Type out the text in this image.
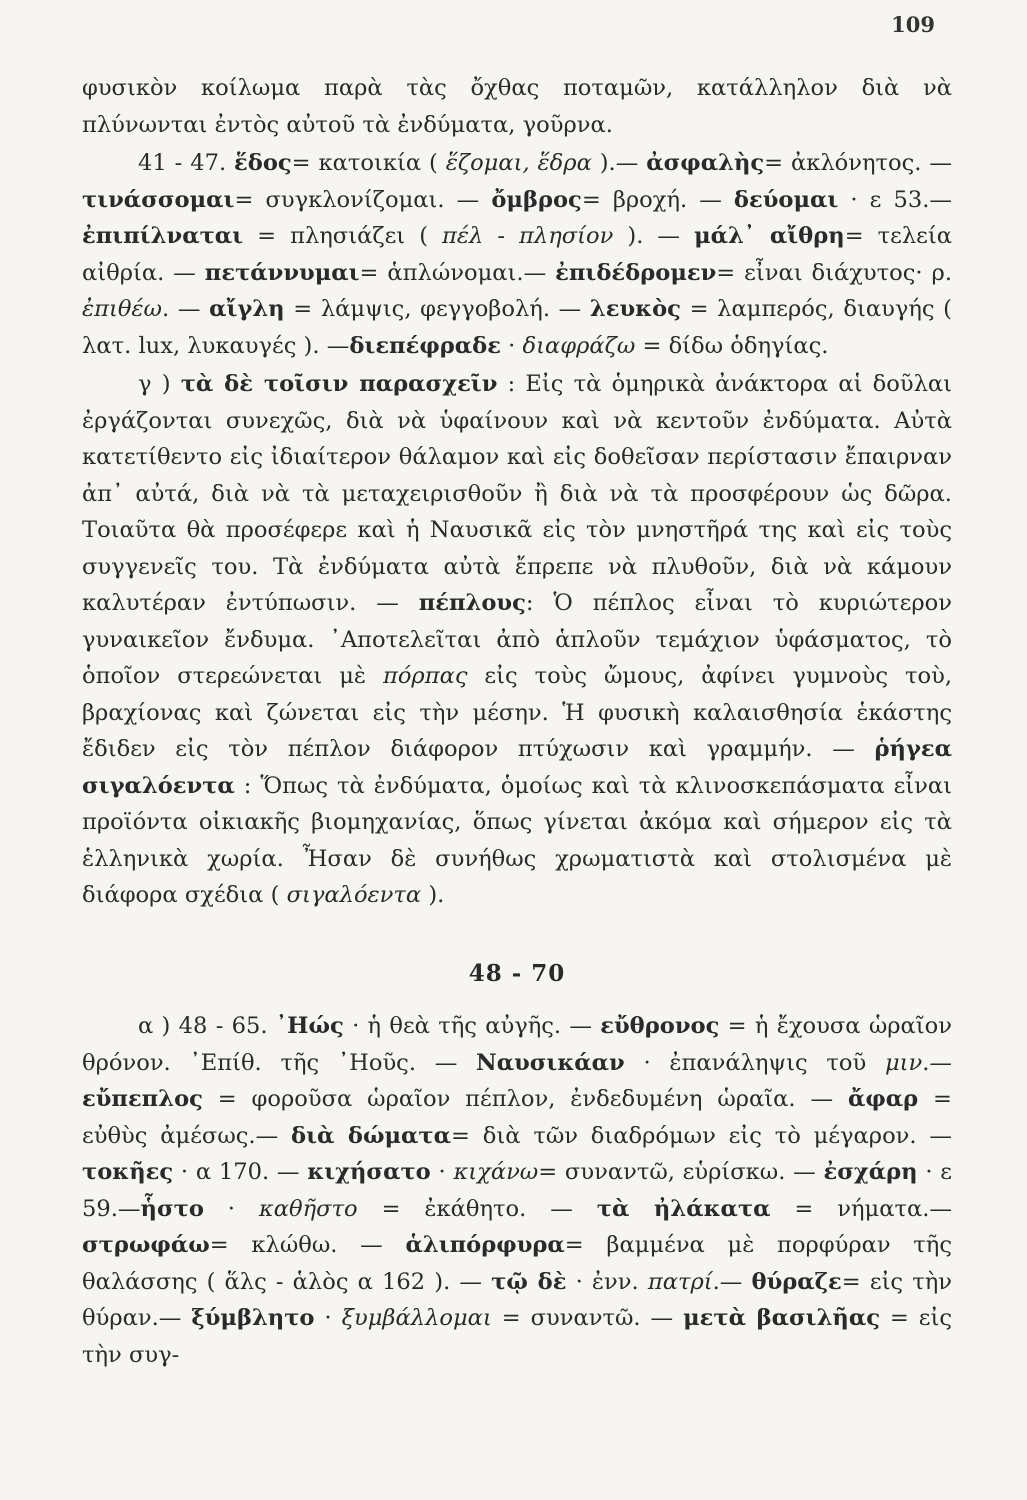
109

φυσικὸν κοίλωμα παρὰ τὰς ὄχθας ποταμῶν, κατάλληλον διὰ νὰ πλύνωνται ἐντὸς αὐτοῦ τὰ ἐνδύματα, γοῦρνα.

41 - 47. ἕδος= κατοικία ( ἕζομαι, ἕδρα ).— ἀσφαλὴς= ἀκλόνητος. — τινάσσομαι= συγκλονίζομαι. — ὄμβρος= βροχή. — δεύομαι · ε 53.— ἐπιπίλναται = πλησιάζει ( πέλ - πλησίον ). — μάλ᾿ αἴθρη= τελεία αἰθρία. — πετάννυμαι= ἁπλώνομαι.— ἐπιδέδρομεν= εἶναι διάχυτος· ρ. ἐπιθέω. — αἴγλη = λάμψις, φεγγοβολή. — λευκὸς = λαμπερός, διαυγής ( λατ. lux, λυκαυγές ). —διεπέφραδε · διαφράζω = δίδω ὁδηγίας.

γ ) τὰ δὲ τοῖσιν παρασχεῖν : Εἰς τὰ ὁμηρικὰ ἀνάκτορα αἱ δοῦλαι ἐργάζονται συνεχῶς, διὰ νὰ ὑφαίνουν καὶ νὰ κεντοῦν ἐνδύματα. Αὐτὰ κατετίθεντο εἰς ἰδιαίτερον θάλαμον καὶ εἰς δοθεῖσαν περίστασιν ἔπαιρναν ἀπ᾿ αὐτά, διὰ νὰ τὰ μεταχειρισθοῦν ἢ διὰ νὰ τὰ προσφέρουν ὡς δῶρα. Τοιαῦτα θὰ προσέφερε καὶ ἡ Ναυσικᾶ εἰς τὸν μνηστῆρά της καὶ εἰς τοὺς συγγενεῖς του. Τὰ ἐνδύματα αὐτὰ ἔπρεπε νὰ πλυθοῦν, διὰ νὰ κάμουν καλυτέραν ἐντύπωσιν. — πέπλους: Ὁ πέπλος εἶναι τὸ κυριώτερον γυναικεῖον ἔνδυμα. ᾿Αποτελεῖται ἀπὸ ἁπλοῦν τεμάχιον ὑφάσματος, τὸ ὁποῖον στερεώνεται μὲ πόρπας εἰς τοὺς ὤμους, ἀφίνει γυμνοὺς τοὺ, βραχίονας καὶ ζώνεται εἰς τὴν μέσην. Ἡ φυσικὴ καλαισθησία ἑκάστης ἔδιδεν εἰς τὸν πέπλον διάφορον πτύχωσιν καὶ γραμμήν. — ῥήγεα σιγαλόεντα : Ὅπως τὰ ἐνδύματα, ὁμοίως καὶ τὰ κλινοσκεπάσματα εἶναι προϊόντα οἰκιακῆς βιομηχανίας, ὅπως γίνεται ἀκόμα καὶ σήμερον εἰς τὰ ἑλληνικὰ χωρία. Ἦσαν δὲ συνήθως χρωματιστὰ καὶ στολισμένα μὲ διάφορα σχέδια ( σιγαλόεντα ).

48 - 70

α ) 48 - 65. ᾿Ηώς · ἡ θεὰ τῆς αὐγῆς. — εὔθρονος = ἡ ἔχουσα ὡραῖον θρόνον. ᾿Επίθ. τῆς ᾿Ηοῦς. — Ναυσικάαν · ἐπανάληψις τοῦ μιν.— εὔπεπλος = φοροῦσα ὡραῖον πέπλον, ἐνδεδυμένη ὡραῖα. — ἄφαρ = εὐθὺς ἀμέσως.— διὰ δώματα= διὰ τῶν διαδρόμων εἰς τὸ μέγαρον. — τοκῆες · α 170. — κιχήσατο · κιχάνω= συναντῶ, εὑρίσκω. — ἐσχάρη · ε 59.—ἧστο · καθῆστο = ἐκάθητο. — τὰ ἠλάκατα = νήματα.— στρωφάω= κλώθω. — ἁλιπόρφυρα= βαμμένα μὲ πορφύραν τῆς θαλάσσης ( ἅλς - ἁλὸς α 162 ). — τῷ δὲ · ἐνν. πατρί.— θύραζε= εἰς τὴν θύραν.— ξύμβλητο · ξυμβάλλομαι = συναντῶ. — μετὰ βασιλῆας = εἰς τὴν συγ-
